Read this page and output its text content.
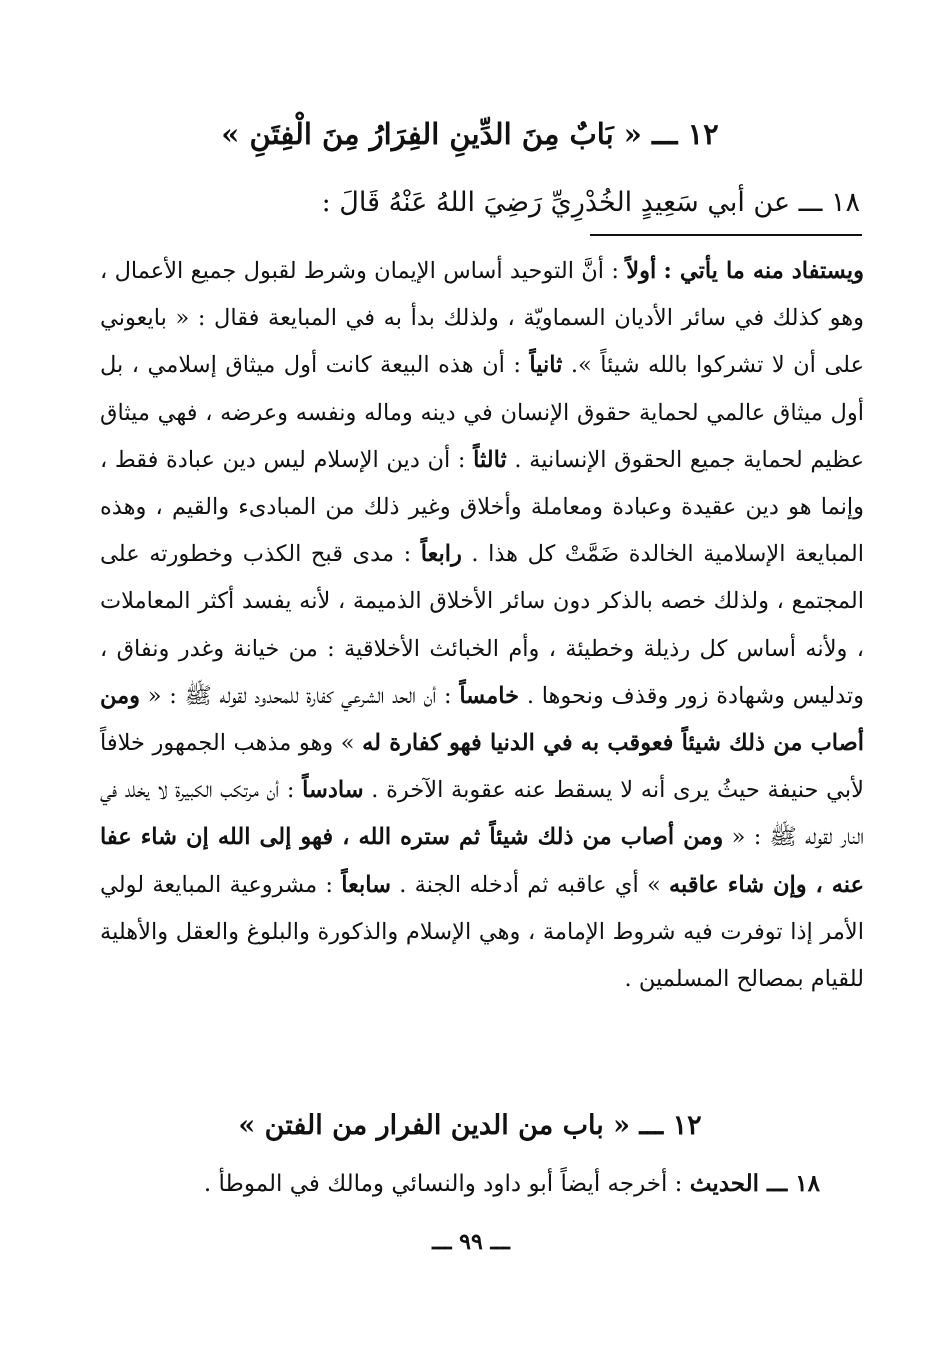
١٢ ـــ « بَابٌ مِنَ الدِّينِ الفِرَارُ مِنَ الْفِتَنِ »
١٨ ـــ عن أبي سَعِيدٍ الخُدْرِيِّ رَضِيَ اللهُ عَنْهُ قَالَ :
ويستفاد منه ما يأتي : أولاً : أنَّ التوحيد أساس الإيمان وشرط لقبول جميع الأعمال ، وهو كذلك في سائر الأديان السماويّة ، ولذلك بدأ به في المبايعة فقال : « بايعوني على أن لا تشركوا بالله شيئاً ». ثانياً : أن هذه البيعة كانت أول ميثاق إسلامي ، بل أول ميثاق عالمي لحماية حقوق الإنسان في دينه وماله ونفسه وعرضه ، فهي ميثاق عظيم لحماية جميع الحقوق الإنسانية . ثالثاً : أن دين الإسلام ليس دين عبادة فقط ، وإنما هو دين عقيدة وعبادة ومعاملة وأخلاق وغير ذلك من المبادىء والقيم ، وهذه المبايعة الإسلامية الخالدة ضَمَّتْ كل هذا . رابعاً : مدى قبح الكذب وخطورته على المجتمع ، ولذلك خصه بالذكر دون سائر الأخلاق الذميمة ، لأنه يفسد أكثر المعاملات ، ولأنه أساس كل رذيلة وخطيئة ، وأم الخبائث الأخلاقية : من خيانة وغدر ونفاق ، وتدليس وشهادة زور وقذف ونحوها . خامساً : أن الحد الشرعي كفارة للمحدود لقوله ﷺ : « ومن أصاب من ذلك شيئاً فعوقب به في الدنيا فهو كفارة له » وهو مذهب الجمهور خلافاً لأبي حنيفة حيثُ يرى أنه لا يسقط عنه عقوبة الآخرة . سادساً : أن مرتكب الكبيرة لا يخلد في النار لقوله ﷺ : « ومن أصاب من ذلك شيئاً ثم ستره الله ، فهو إلى الله إن شاء عفا عنه ، وإن شاء عاقبه » أي عاقبه ثم أدخله الجنة . سابعاً : مشروعية المبايعة لولي الأمر إذا توفرت فيه شروط الإمامة ، وهي الإسلام والذكورة والبلوغ والعقل والأهلية للقيام بمصالح المسلمين .
١٢ ـــ « باب من الدين الفرار من الفتن »
١٨ ـــ الحديث : أخرجه أيضاً أبو داود والنسائي ومالك في الموطأ .
ـــ ٩٩ ـــ
